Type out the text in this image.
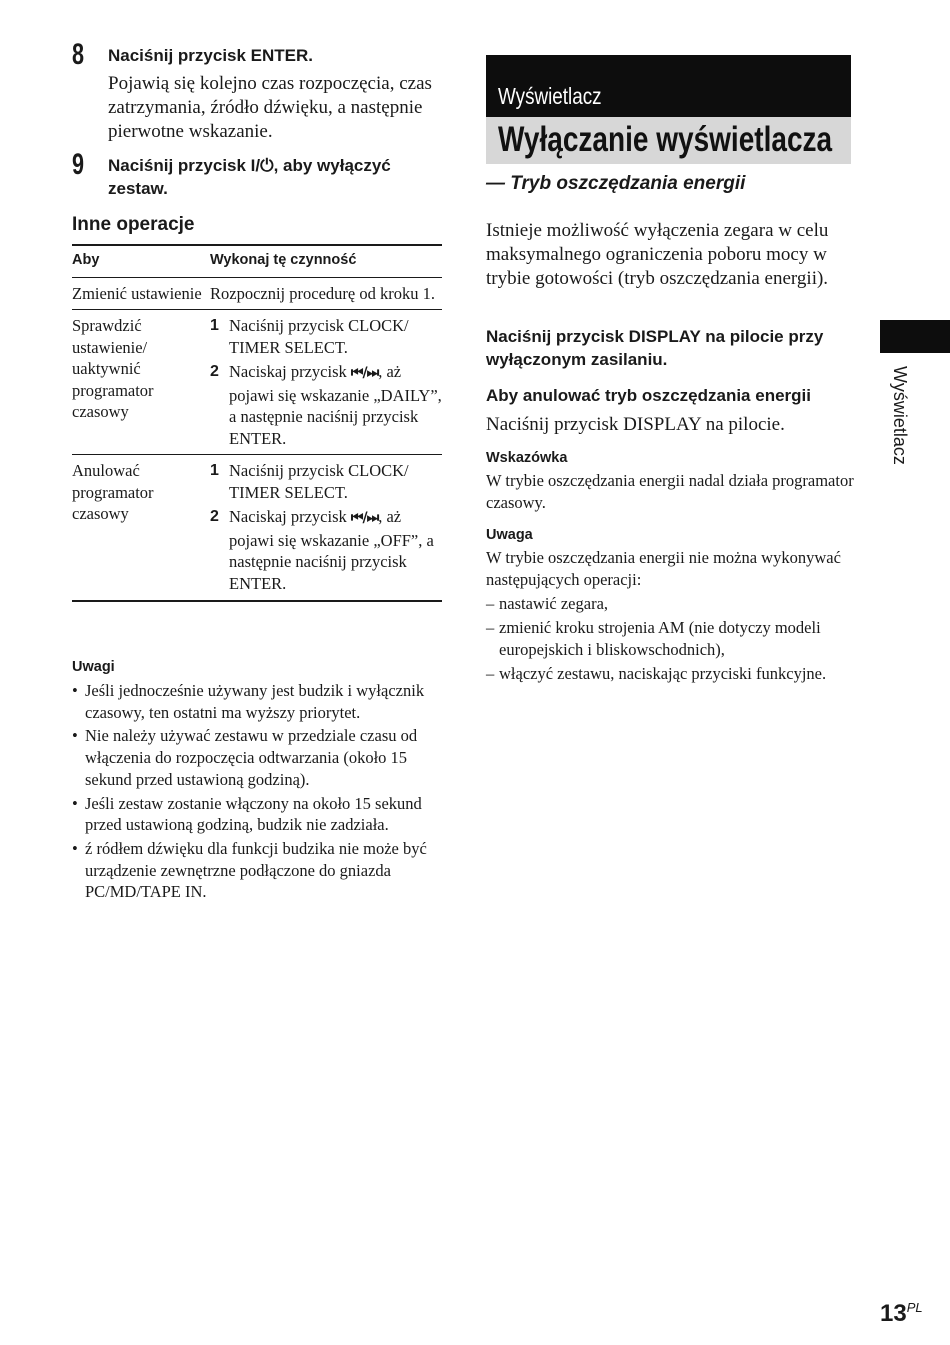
8 Naciśnij przycisk ENTER.
Pojawią się kolejno czas rozpoczęcia, czas zatrzymania, źródło dźwięku, a następnie pierwotne wskazanie.
9 Naciśnij przycisk I/⏻, aby wyłączyć zestaw.
Inne operacje
Aby	Wykonaj tę czynność
Zmienić ustawienie	Rozpocznij procedurę od kroku 1.
Sprawdzić ustawienie/ uaktywnić programator czasowy	1 Naciśnij przycisk CLOCK/ TIMER SELECT.
2 Naciskaj przycisk ⏮/⏭, aż pojawi się wskazanie „DAILY”, a następnie naciśnij przycisk ENTER.

Anulować programator czasowy	1 Naciśnij przycisk CLOCK/ TIMER SELECT.
2 Naciskaj przycisk ⏮/⏭, aż pojawi się wskazanie „OFF”, a następnie naciśnij przycisk ENTER.
Uwagi
• Jeśli jednocześnie używany jest budzik i wyłącznik czasowy, ten ostatni ma wyższy priorytet.
• Nie należy używać zestawu w przedziale czasu od włączenia do rozpoczęcia odtwarzania (około 15 sekund przed ustawioną godziną).
• Jeśli zestaw zostanie włączony na około 15 sekund przed ustawioną godziną, budzik nie zadziała.
• ź ródłem dźwięku dla funkcji budzika nie może być urządzenie zewnętrzne podłączone do gniazda PC/MD/TAPE IN.
Wyświetlacz
Wyłączanie wyświetlacza
— Tryb oszczędzania energii
Istnieje możliwość wyłączenia zegara w celu maksymalnego ograniczenia poboru mocy w trybie gotowości (tryb oszczędzania energii).
Naciśnij przycisk DISPLAY na pilocie przy wyłączonym zasilaniu.
Aby anulować tryb oszczędzania energii
Naciśnij przycisk DISPLAY na pilocie.
Wskazówka
W trybie oszczędzania energii nadal działa programator czasowy.
Uwaga
W trybie oszczędzania energii nie można wykonywać następujących operacji:
– nastawić zegara,
– zmienić kroku strojenia AM (nie dotyczy modeli europejskich i bliskowschodnich),
– włączyć zestawu, naciskając przyciski funkcyjne.
Wyświetlacz
$13^{PL}$
